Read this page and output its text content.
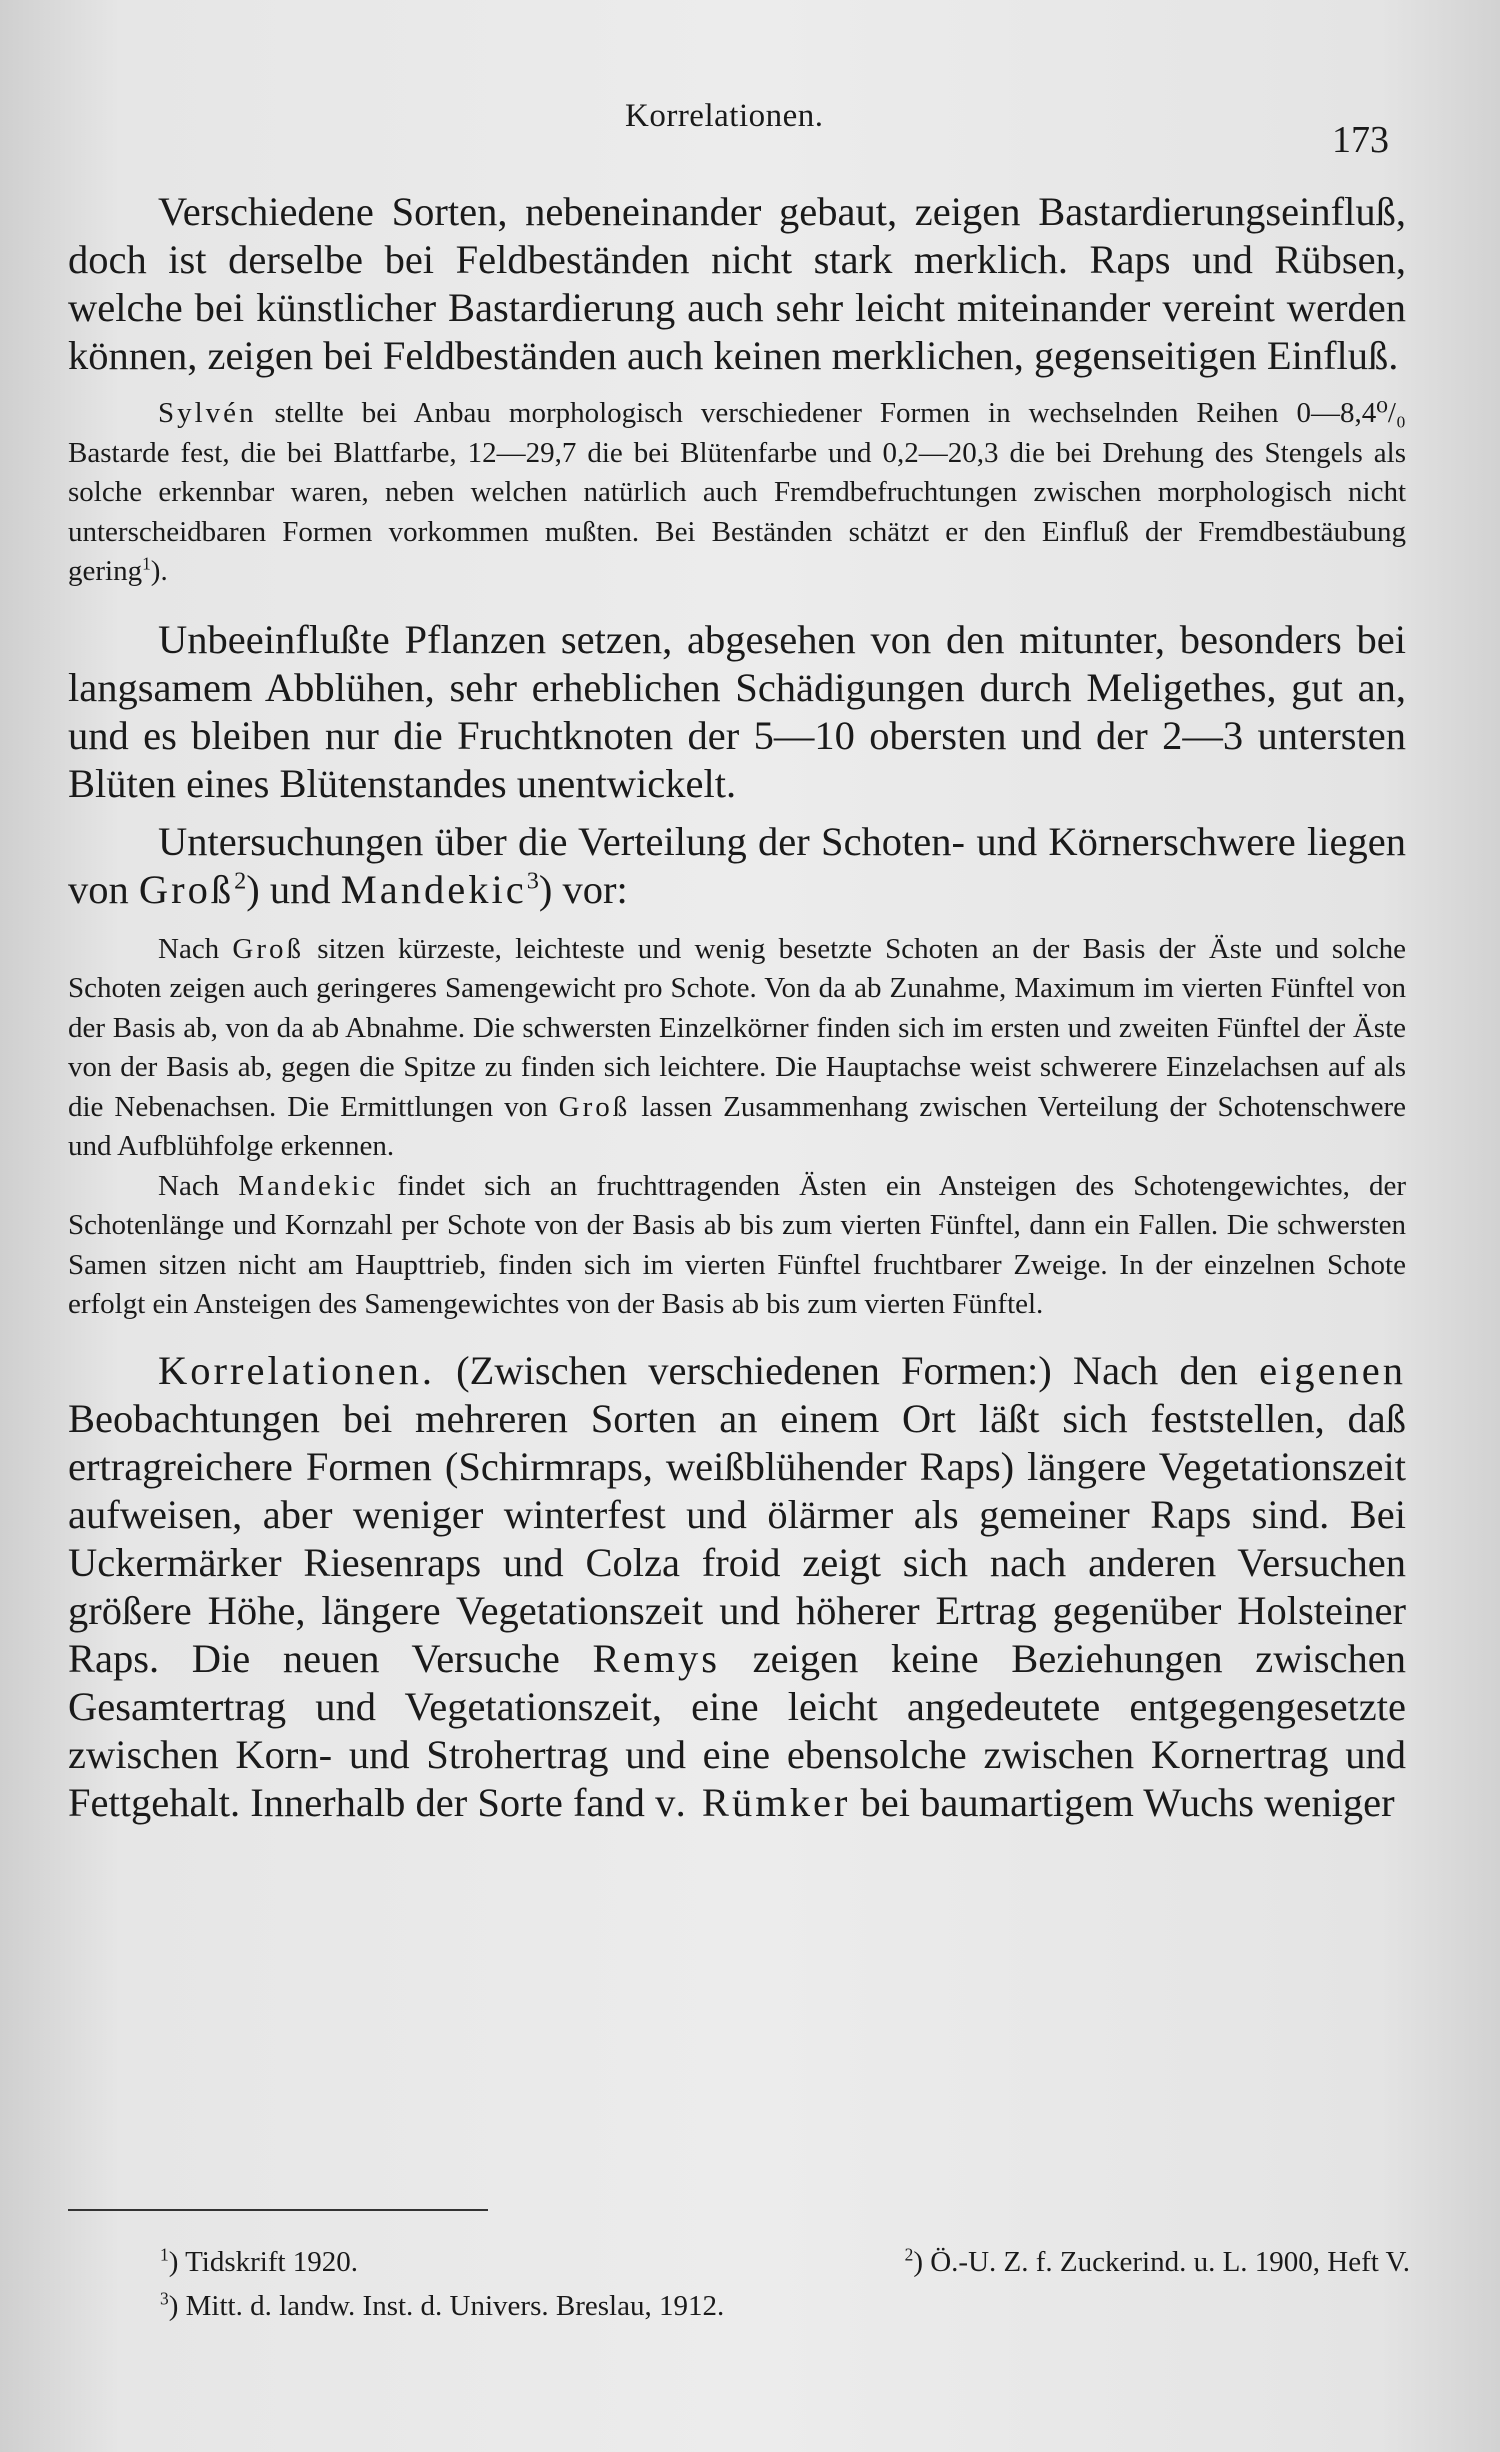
Korrelationen.
173

Verschiedene Sorten, nebeneinander gebaut, zeigen Bastardierungseinfluß, doch ist derselbe bei Feldbeständen nicht stark merklich. Raps und Rübsen, welche bei künstlicher Bastardierung auch sehr leicht miteinander vereint werden können, zeigen bei Feldbeständen auch keinen merklichen, gegenseitigen Einfluß.

Sylvén stellte bei Anbau morphologisch verschiedener Formen in wechselnden Reihen 0—8,4⁰/₀ Bastarde fest, die bei Blattfarbe, 12—29,7 die bei Blütenfarbe und 0,2—20,3 die bei Drehung des Stengels als solche erkennbar waren, neben welchen natürlich auch Fremdbefruchtungen zwischen morphologisch nicht unterscheidbaren Formen vorkommen mußten. Bei Beständen schätzt er den Einfluß der Fremdbestäubung gering$^1$).

Unbeeinflußte Pflanzen setzen, abgesehen von den mitunter, besonders bei langsamem Abblühen, sehr erheblichen Schädigungen durch Meligethes, gut an, und es bleiben nur die Fruchtknoten der 5—10 obersten und der 2—3 untersten Blüten eines Blütenstandes unentwickelt.

Untersuchungen über die Verteilung der Schoten- und Körnerschwere liegen von Groß$^2$) und Mandekic$^3$) vor:

Nach Groß sitzen kürzeste, leichteste und wenig besetzte Schoten an der Basis der Äste und solche Schoten zeigen auch geringeres Samengewicht pro Schote. Von da ab Zunahme, Maximum im vierten Fünftel von der Basis ab, von da ab Abnahme. Die schwersten Einzelkörner finden sich im ersten und zweiten Fünftel der Äste von der Basis ab, gegen die Spitze zu finden sich leichtere. Die Hauptachse weist schwerere Einzelachsen auf als die Nebenachsen. Die Ermittlungen von Groß lassen Zusammenhang zwischen Verteilung der Schotenschwere und Aufblühfolge erkennen.

Nach Mandekic findet sich an fruchttragenden Ästen ein Ansteigen des Schotengewichtes, der Schotenlänge und Kornzahl per Schote von der Basis ab bis zum vierten Fünftel, dann ein Fallen. Die schwersten Samen sitzen nicht am Haupttrieb, finden sich im vierten Fünftel fruchtbarer Zweige. In der einzelnen Schote erfolgt ein Ansteigen des Samengewichtes von der Basis ab bis zum vierten Fünftel.

Korrelationen. (Zwischen verschiedenen Formen:) Nach den eigenen Beobachtungen bei mehreren Sorten an einem Ort läßt sich feststellen, daß ertragreichere Formen (Schirmraps, weißblühender Raps) längere Vegetationszeit aufweisen, aber weniger winterfest und ölärmer als gemeiner Raps sind. Bei Uckermärker Riesenraps und Colza froid zeigt sich nach anderen Versuchen größere Höhe, längere Vegetationszeit und höherer Ertrag gegenüber Holsteiner Raps. Die neuen Versuche Remys zeigen keine Beziehungen zwischen Gesamtertrag und Vegetationszeit, eine leicht angedeutete entgegengesetzte zwischen Korn- und Strohertrag und eine ebensolche zwischen Kornertrag und Fettgehalt. Innerhalb der Sorte fand v. Rümker bei baumartigem Wuchs weniger

$^1$) Tidskrift 1920.	$^2$) Ö.-U. Z. f. Zuckerind. u. L. 1900, Heft V.
$^3$) Mitt. d. landw. Inst. d. Univers. Breslau, 1912.
